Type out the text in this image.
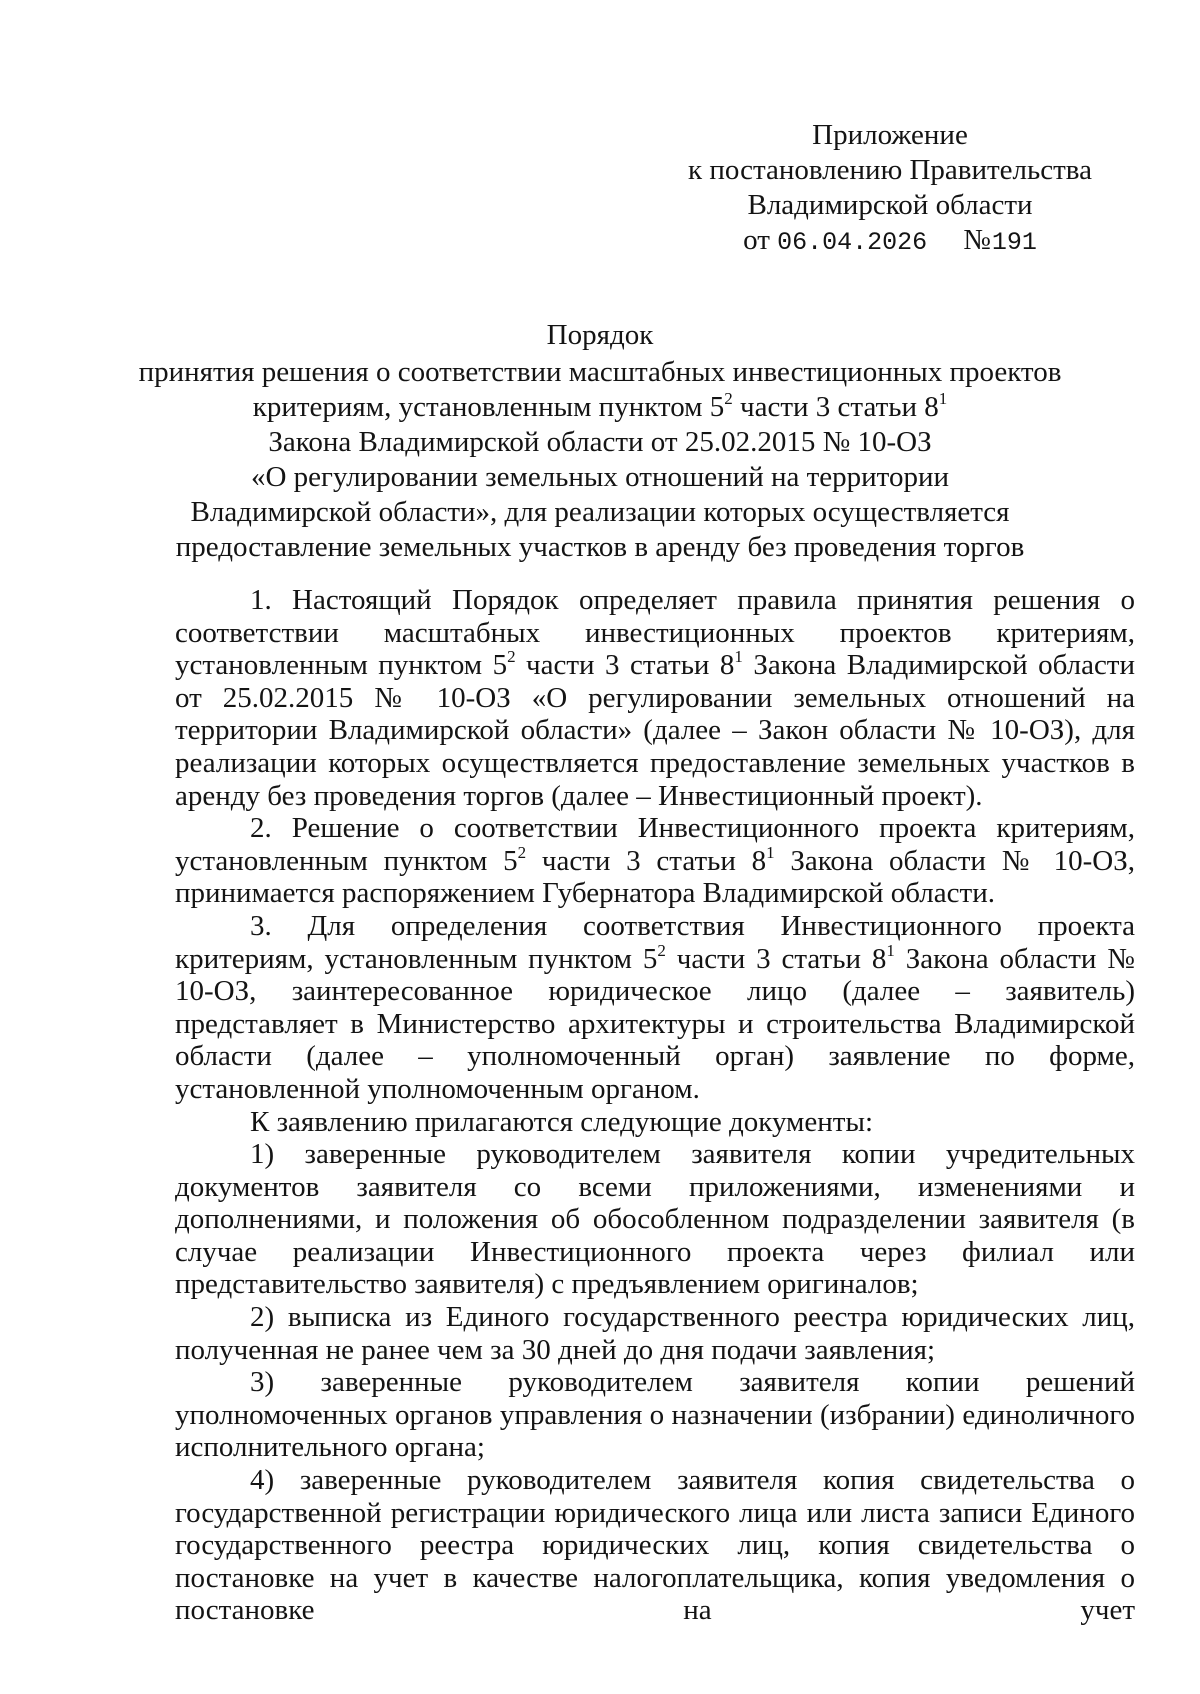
Приложение
к постановлению Правительства
Владимирской области
от 06.04.2026 №191
Порядок
принятия решения о соответствии масштабных инвестиционных проектов
критериям, установленным пунктом $5^2$ части 3 статьи $8^1$
Закона Владимирской области от 25.02.2015 № 10-ОЗ
«О регулировании земельных отношений на территории
Владимирской области», для реализации которых осуществляется
предоставление земельных участков в аренду без проведения торгов

1. Настоящий Порядок определяет правила принятия решения о соответствии масштабных инвестиционных проектов критериям, установленным пунктом $5^2$ части 3 статьи $8^1$ Закона Владимирской области от 25.02.2015 № 10-ОЗ «О регулировании земельных отношений на территории Владимирской области» (далее – Закон области № 10-ОЗ), для реализации которых осуществляется предоставление земельных участков в аренду без проведения торгов (далее – Инвестиционный проект).

2. Решение о соответствии Инвестиционного проекта критериям, установленным пунктом $5^2$ части 3 статьи $8^1$ Закона области № 10-ОЗ, принимается распоряжением Губернатора Владимирской области.

3. Для определения соответствия Инвестиционного проекта критериям, установленным пунктом $5^2$ части 3 статьи $8^1$ Закона области № 10-ОЗ, заинтересованное юридическое лицо (далее – заявитель) представляет в Министерство архитектуры и строительства Владимирской области (далее – уполномоченный орган) заявление по форме, установленной уполномоченным органом.

К заявлению прилагаются следующие документы:

1) заверенные руководителем заявителя копии учредительных документов заявителя со всеми приложениями, изменениями и дополнениями, и положения об обособленном подразделении заявителя (в случае реализации Инвестиционного проекта через филиал или представительство заявителя) с предъявлением оригиналов;

2) выписка из Единого государственного реестра юридических лиц, полученная не ранее чем за 30 дней до дня подачи заявления;

3) заверенные руководителем заявителя копии решений уполномоченных органов управления о назначении (избрании) единоличного исполнительного органа;

4) заверенные руководителем заявителя копия свидетельства о государственной регистрации юридического лица или листа записи Единого государственного реестра юридических лиц, копия свидетельства о постановке на учет в качестве налогоплательщика, копия уведомления о постановке на учет
